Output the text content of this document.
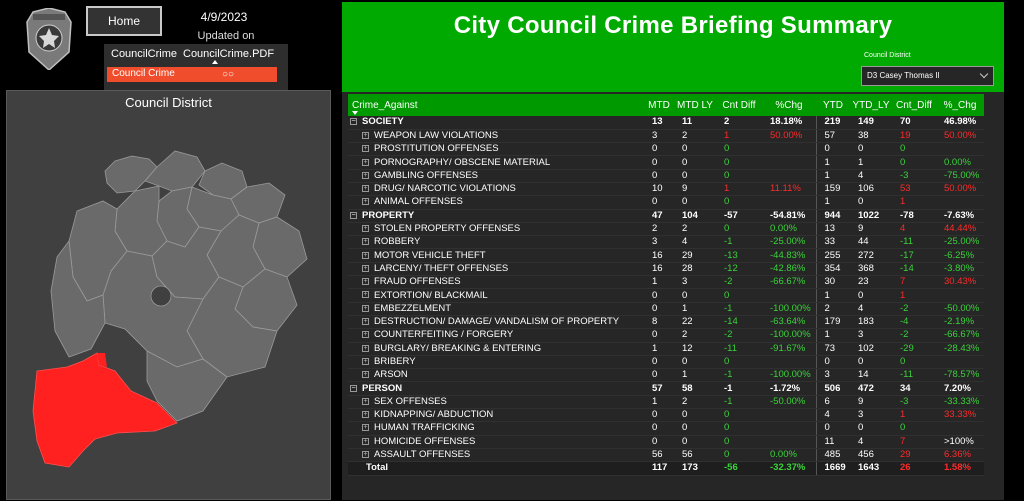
Home	4/9/2023
Updated on
CouncilCrime CouncilCrime.PDF
Council Crime	○○
Council District
City Council Crime Briefing Summary
Council District
D3 Casey Thomas II
Crime_Against	MTD	MTD LY	Cnt Diff	%Chg	YTD	YTD_LY	Cnt_Diff	%_Chg
− SOCIETY	13	11	2	18.18%	219	149	70	46.98%
+ WEAPON LAW VIOLATIONS	3	2	1	50.00%	57	38	19	50.00%
+ PROSTITUTION OFFENSES	0	0	0		0	0	0	
+ PORNOGRAPHY/ OBSCENE MATERIAL	0	0	0		1	1	0	0.00%
+ GAMBLING OFFENSES	0	0	0		1	4	-3	-75.00%
+ DRUG/ NARCOTIC VIOLATIONS	10	9	1	11.11%	159	106	53	50.00%
+ ANIMAL OFFENSES	0	0	0		1	0	1	
− PROPERTY	47	104	-57	-54.81%	944	1022	-78	-7.63%
+ STOLEN PROPERTY OFFENSES	2	2	0	0.00%	13	9	4	44.44%
+ ROBBERY	3	4	-1	-25.00%	33	44	-11	-25.00%
+ MOTOR VEHICLE THEFT	16	29	-13	-44.83%	255	272	-17	-6.25%
+ LARCENY/ THEFT OFFENSES	16	28	-12	-42.86%	354	368	-14	-3.80%
+ FRAUD OFFENSES	1	3	-2	-66.67%	30	23	7	30.43%
+ EXTORTION/ BLACKMAIL	0	0	0		1	0	1	
+ EMBEZZELMENT	0	1	-1	-100.00%	2	4	-2	-50.00%
+ DESTRUCTION/ DAMAGE/ VANDALISM OF PROPERTY	8	22	-14	-63.64%	179	183	-4	-2.19%
+ COUNTERFEITING / FORGERY	0	2	-2	-100.00%	1	3	-2	-66.67%
+ BURGLARY/ BREAKING & ENTERING	1	12	-11	-91.67%	73	102	-29	-28.43%
+ BRIBERY	0	0	0		0	0	0	
+ ARSON	0	1	-1	-100.00%	3	14	-11	-78.57%
− PERSON	57	58	-1	-1.72%	506	472	34	7.20%
+ SEX OFFENSES	1	2	-1	-50.00%	6	9	-3	-33.33%
+ KIDNAPPING/ ABDUCTION	0	0	0		4	3	1	33.33%
+ HUMAN TRAFFICKING	0	0	0		0	0	0	
+ HOMICIDE OFFENSES	0	0	0		11	4	7	>100%
+ ASSAULT OFFENSES	56	56	0	0.00%	485	456	29	6.36%
Total	117	173	-56	-32.37%	1669	1643	26	1.58%
